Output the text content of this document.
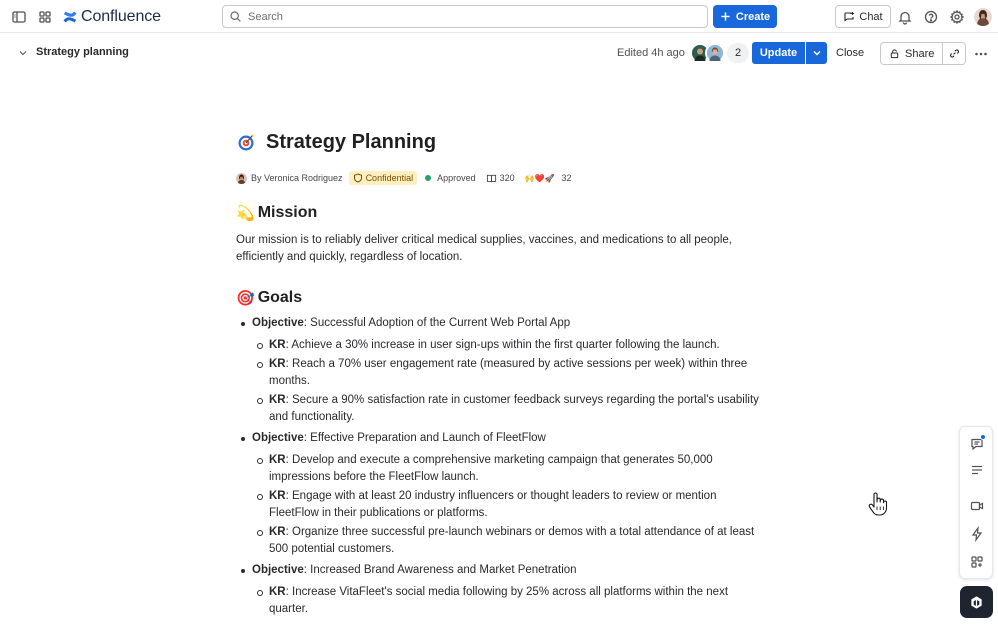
Confluence
Search	Create	Chat
Strategy planning	Edited 4h ago	2	Update	Close	Share
Strategy Planning
By Veronica Rodriguez	Confidential	Approved	320 🙌❤️🚀 32
💫 Mission

Our mission is to reliably deliver critical medical supplies, vaccines, and medications to all people, efficiently and quickly, regardless of location.

🎯 Goals
Objective: Successful Adoption of the Current Web Portal App
KR: Achieve a 30% increase in user sign-ups within the first quarter following the launch.
KR: Reach a 70% user engagement rate (measured by active sessions per week) within three months.
KR: Secure a 90% satisfaction rate in customer feedback surveys regarding the portal's usability and functionality.
Objective: Effective Preparation and Launch of FleetFlow
KR: Develop and execute a comprehensive marketing campaign that generates 50,000 impressions before the FleetFlow launch.
KR: Engage with at least 20 industry influencers or thought leaders to review or mention FleetFlow in their publications or platforms.
KR: Organize three successful pre-launch webinars or demos with a total attendance of at least 500 potential customers.
Objective: Increased Brand Awareness and Market Penetration
KR: Increase VitaFleet's social media following by 25% across all platforms within the next quarter.
